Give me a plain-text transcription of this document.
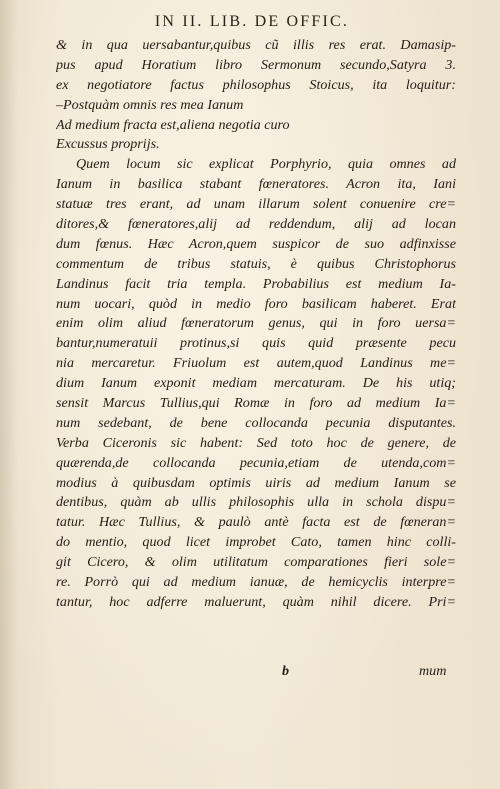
IN II. LIB. DE OFFIC.
& in qua uersabantur,quibus cũ illis res erat. Damasip-
pus apud Horatium libro Sermonum secundo,Satyra 3.
ex negotiatore factus philosophus Stoicus, ita loquitur:
–Postquàm omnis res mea Ianum
Ad medium fracta est,aliena negotia curo
Excussus proprijs.
Quem locum sic explicat Porphyrio, quia omnes ad
Ianum in basilica stabant fœneratores. Acron ita, Iani
statuæ tres erant, ad unam illarum solent conuenire cre=
ditores,& fœneratores,alij ad reddendum, alij ad locan
dum fœnus. Hæc Acron,quem suspicor de suo adfinxisse
commentum de tribus statuis, è quibus Christophorus
Landinus facit tria templa. Probabilius est medium Ia-
num uocari, quòd in medio foro basilicam haberet. Erat
enim olim aliud fœneratorum genus, qui in foro uersa=
bantur,numeratuii protinus,si quis quid præsente pecu
nia mercaretur. Friuolum est autem,quod Landinus me=
dium Ianum exponit mediam mercaturam. De his utiq;
sensit Marcus Tullius,qui Romæ in foro ad medium Ia=
num sedebant, de bene collocanda pecunia disputantes.
Verba Ciceronis sic habent: Sed toto hoc de genere, de
quærenda,de collocanda pecunia,etiam de utenda,com=
modius à quibusdam optimis uiris ad medium Ianum se
dentibus, quàm ab ullis philosophis ulla in schola dispu=
tatur. Hæc Tullius, & paulò antè facta est de fœneran=
do mentio, quod licet improbet Cato, tamen hinc colli-
git Cicero, & olim utilitatum comparationes fieri sole=
re. Porrò qui ad medium ianuæ, de hemicyclis interpre=
tantur, hoc adferre maluerunt, quàm nihil dicere. Pri=
b	mum
